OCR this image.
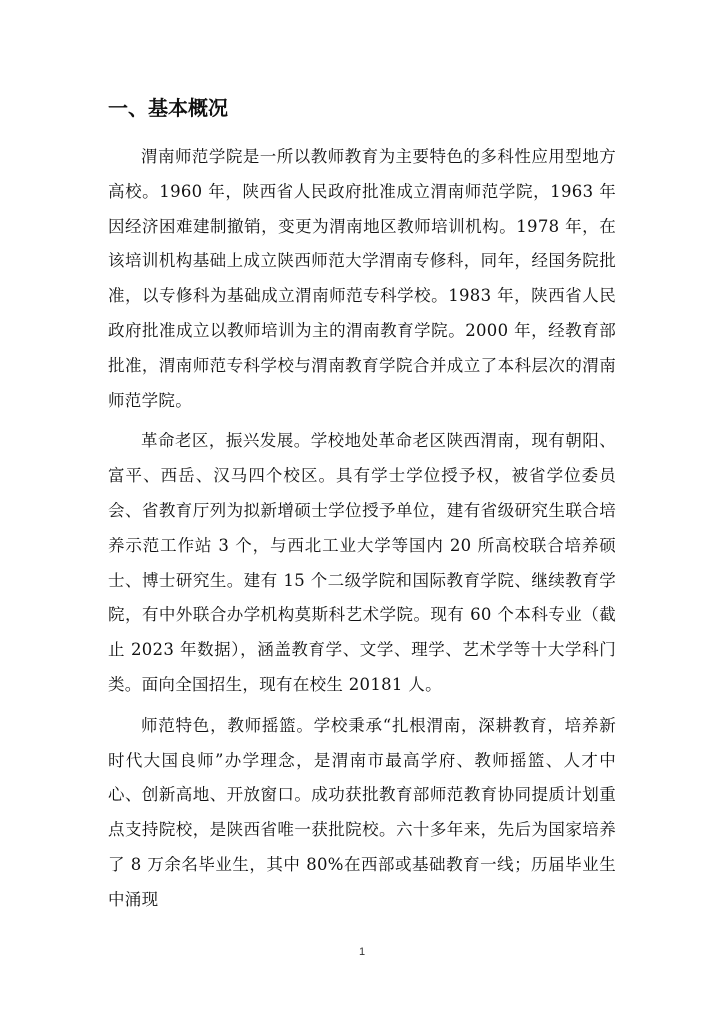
一、基本概况

渭南师范学院是一所以教师教育为主要特色的多科性应用型地方高校。1960 年，陕西省人民政府批准成立渭南师范学院，1963 年因经济困难建制撤销，变更为渭南地区教师培训机构。1978 年，在该培训机构基础上成立陕西师范大学渭南专修科，同年，经国务院批准，以专修科为基础成立渭南师范专科学校。1983 年，陕西省人民政府批准成立以教师培训为主的渭南教育学院。2000 年，经教育部批准，渭南师范专科学校与渭南教育学院合并成立了本科层次的渭南师范学院。

革命老区，振兴发展。学校地处革命老区陕西渭南，现有朝阳、富平、西岳、汉马四个校区。具有学士学位授予权，被省学位委员会、省教育厅列为拟新增硕士学位授予单位，建有省级研究生联合培养示范工作站 3 个，与西北工业大学等国内 20 所高校联合培养硕士、博士研究生。建有 15 个二级学院和国际教育学院、继续教育学院，有中外联合办学机构莫斯科艺术学院。现有 60 个本科专业（截止 2023 年数据），涵盖教育学、文学、理学、艺术学等十大学科门类。面向全国招生，现有在校生 20181 人。

师范特色，教师摇篮。学校秉承“扎根渭南，深耕教育，培养新时代大国良师”办学理念，是渭南市最高学府、教师摇篮、人才中心、创新高地、开放窗口。成功获批教育部师范教育协同提质计划重点支持院校，是陕西省唯一获批院校。六十多年来，先后为国家培养了 8 万余名毕业生，其中 80%在西部或基础教育一线；历届毕业生中涌现

1
